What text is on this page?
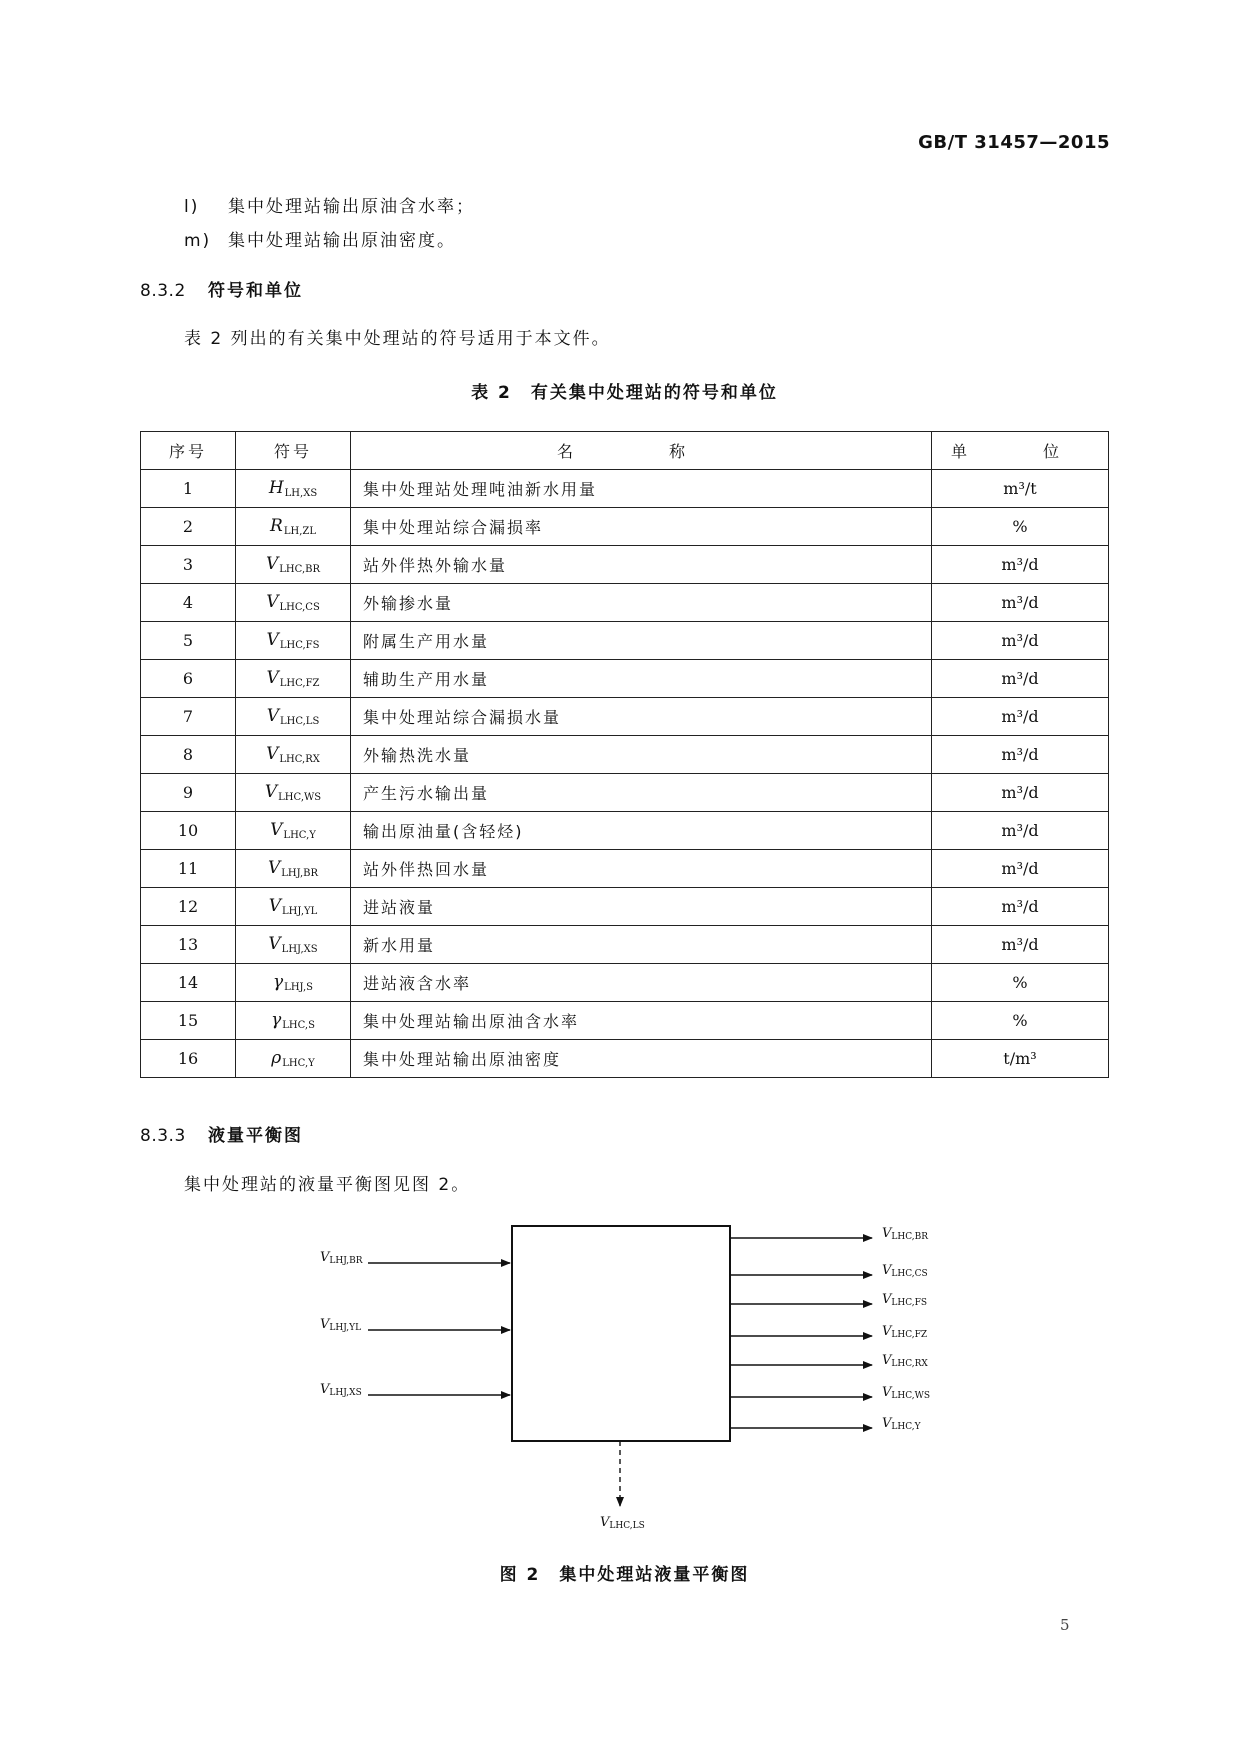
GB/T 31457—2015
l) 集中处理站输出原油含水率；
m) 集中处理站输出原油密度。
8.3.2 符号和单位
表 2 列出的有关集中处理站的符号适用于本文件。
表 2　有关集中处理站的符号和单位
序号	符号	名　称	单　位
1	HLH,XS	集中处理站处理吨油新水用量	m³/t
2	RLH,ZL	集中处理站综合漏损率	%
3	VLHC,BR	站外伴热外输水量	m³/d
4	VLHC,CS	外输掺水量	m³/d
5	VLHC,FS	附属生产用水量	m³/d
6	VLHC,FZ	辅助生产用水量	m³/d
7	VLHC,LS	集中处理站综合漏损水量	m³/d
8	VLHC,RX	外输热洗水量	m³/d
9	VLHC,WS	产生污水输出量	m³/d
10	VLHC,Y	输出原油量(含轻烃)	m³/d
11	VLHJ,BR	站外伴热回水量	m³/d
12	VLHJ,YL	进站液量	m³/d
13	VLHJ,XS	新水用量	m³/d
14	γLHJ,S	进站液含水率	%
15	γLHC,S	集中处理站输出原油含水率	%
16	ρLHC,Y	集中处理站输出原油密度	t/m³
8.3.3 液量平衡图
集中处理站的液量平衡图见图 2。
VLHJ,BR
VLHJ,YL
VLHJ,XS
VLHC,BR
VLHC,CS
VLHC,FS
VLHC,FZ
VLHC,RX
VLHC,WS
VLHC,Y
VLHC,LS
图 2　集中处理站液量平衡图
5
